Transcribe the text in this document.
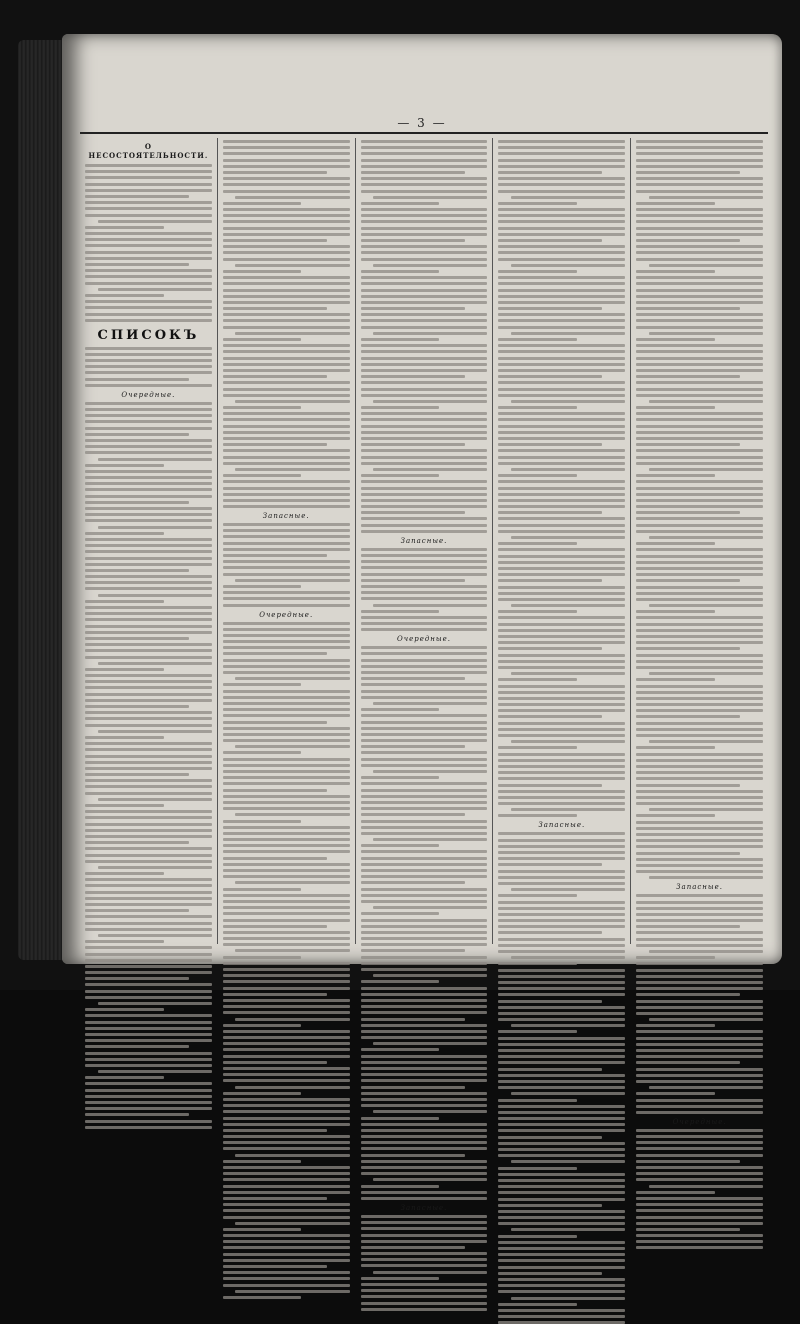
— 3 —
О НЕСОСТОЯТЕЛЬНОСТИ.
СПИСОКЪ
Очередные.
Запасные.
Очередные.
Запасные.
Очередные.
Запасные.
Запасные.
Запасные.
Очередные.
